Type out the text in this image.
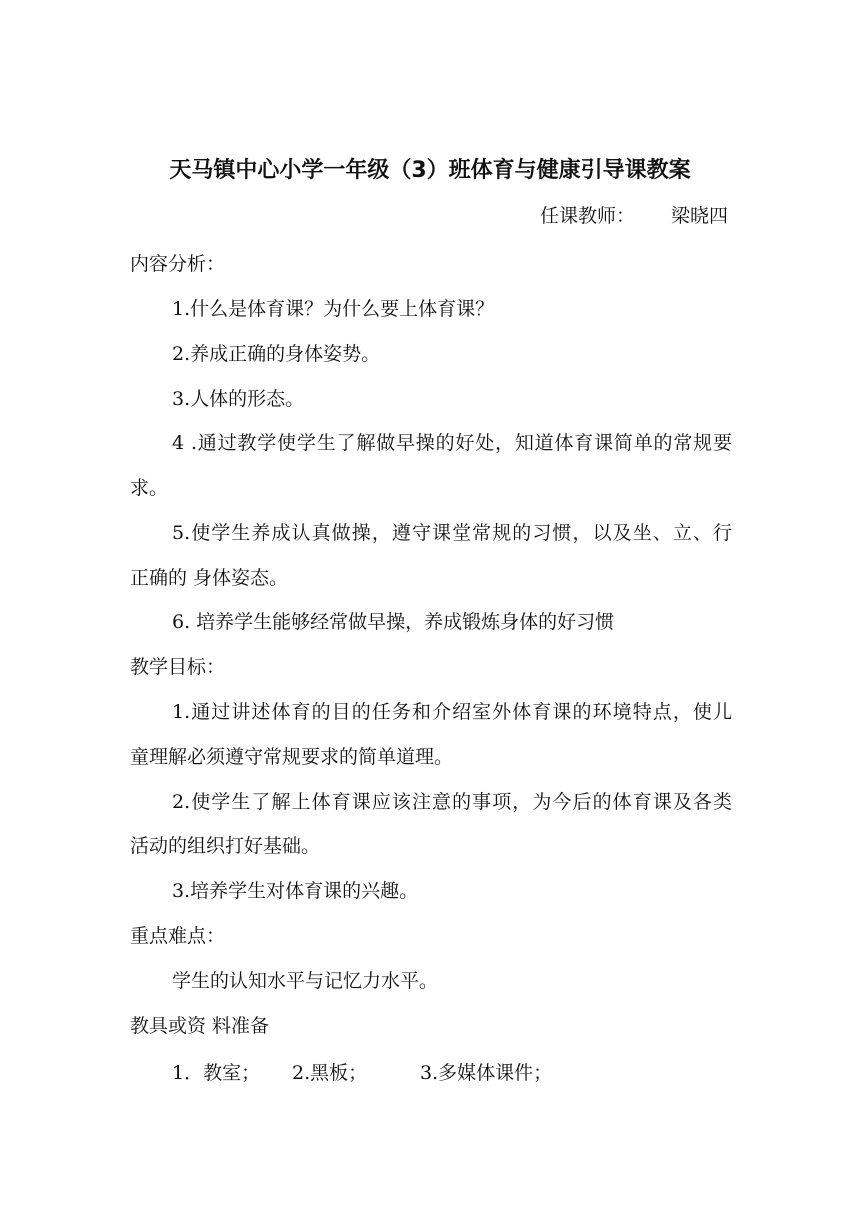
天马镇中心小学一年级（3）班体育与健康引导课教案
任课教师： 梁晓四
内容分析：
1.什么是体育课？为什么要上体育课？
2.养成正确的身体姿势。
3.人体的形态。
4 .通过教学使学生了解做早操的好处，知道体育课简单的常规要
求。
5.使学生养成认真做操，遵守课堂常规的习惯，以及坐、立、行
正确的 身体姿态。
6. 培养学生能够经常做早操，养成锻炼身体的好习惯
教学目标：
1.通过讲述体育的目的任务和介绍室外体育课的环境特点，使儿
童理解必须遵守常规要求的简单道理。
2.使学生了解上体育课应该注意的事项，为今后的体育课及各类
活动的组织打好基础。
3.培养学生对体育课的兴趣。
重点难点：
学生的认知水平与记忆力水平。
教具或资 料准备
1．教室； 2.黑板；	3.多媒体课件；
